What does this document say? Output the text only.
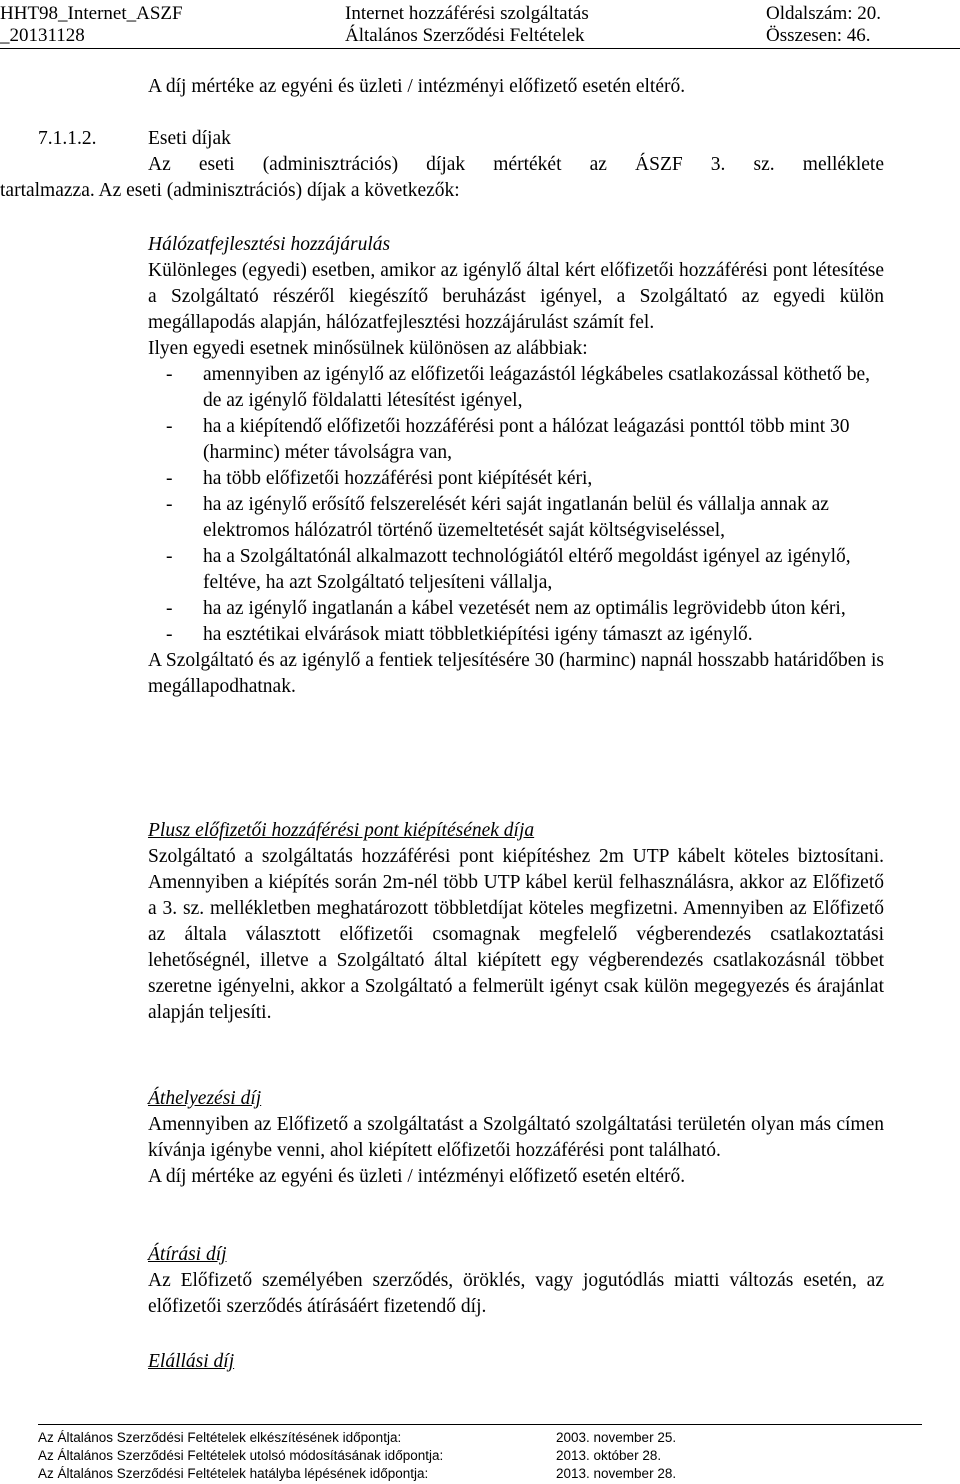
HHT98_Internet_ASZF
_20131128
Internet hozzáférési szolgáltatás
Általános Szerződési Feltételek
Oldalszám: 20.
Összesen: 46.

A díj mértéke az egyéni és üzleti / intézményi előfizető esetén eltérő.

7.1.1.2.	Eseti díjak

Az eseti (adminisztrációs) díjak mértékét az ÁSZF 3. sz. melléklete

tartalmazza. Az eseti (adminisztrációs) díjak a következők:

Hálózatfejlesztési hozzájárulás

Különleges (egyedi) esetben, amikor az igénylő által kért előfizetői hozzáférési pont létesítése a Szolgáltató részéről kiegészítő beruházást igényel, a Szolgáltató az egyedi külön megállapodás alapján, hálózatfejlesztési hozzájárulást számít fel.

Ilyen egyedi esetnek minősülnek különösen az alábbiak:

- amennyiben az igénylő az előfizetői leágazástól légkábeles csatlakozással köthető be, de az igénylő földalatti létesítést igényel,
- ha a kiépítendő előfizetői hozzáférési pont a hálózat leágazási ponttól több mint 30 (harminc) méter távolságra van,
- ha több előfizetői hozzáférési pont kiépítését kéri,
- ha az igénylő erősítő felszerelését kéri saját ingatlanán belül és vállalja annak az elektromos hálózatról történő üzemeltetését saját költségviseléssel,
- ha a Szolgáltatónál alkalmazott technológiától eltérő megoldást igényel az igénylő, feltéve, ha azt Szolgáltató teljesíteni vállalja,
- ha az igénylő ingatlanán a kábel vezetését nem az optimális legrövidebb úton kéri,
- ha esztétikai elvárások miatt többletkiépítési igény támaszt az igénylő.

A Szolgáltató és az igénylő a fentiek teljesítésére 30 (harminc) napnál hosszabb határidőben is megállapodhatnak.

Plusz előfizetői hozzáférési pont kiépítésének díja

Szolgáltató a szolgáltatás hozzáférési pont kiépítéshez 2m UTP kábelt köteles biztosítani. Amennyiben a kiépítés során 2m-nél több UTP kábel kerül felhasználásra, akkor az Előfizető a 3. sz. mellékletben meghatározott többletdíjat köteles megfizetni. Amennyiben az Előfizető az általa választott előfizetői csomagnak megfelelő végberendezés csatlakoztatási lehetőségnél, illetve a Szolgáltató által kiépített egy végberendezés csatlakozásnál többet szeretne igényelni, akkor a Szolgáltató a felmerült igényt csak külön megegyezés és árajánlat alapján teljesíti.

Áthelyezési díj

Amennyiben az Előfizető a szolgáltatást a Szolgáltató szolgáltatási területén olyan más címen kívánja igénybe venni, ahol kiépített előfizetői hozzáférési pont található.

A díj mértéke az egyéni és üzleti / intézményi előfizető esetén eltérő.

Átírási díj

Az Előfizető személyében szerződés, öröklés, vagy jogutódlás miatti változás esetén, az előfizetői szerződés átírásáért fizetendő díj.

Elállási díj

Az Általános Szerződési Feltételek elkészítésének időpontja:	2003. november 25.
Az Általános Szerződési Feltételek utolsó módosításának időpontja:	2013. október 28.
Az Általános Szerződési Feltételek hatályba lépésének időpontja:	2013. november 28.
